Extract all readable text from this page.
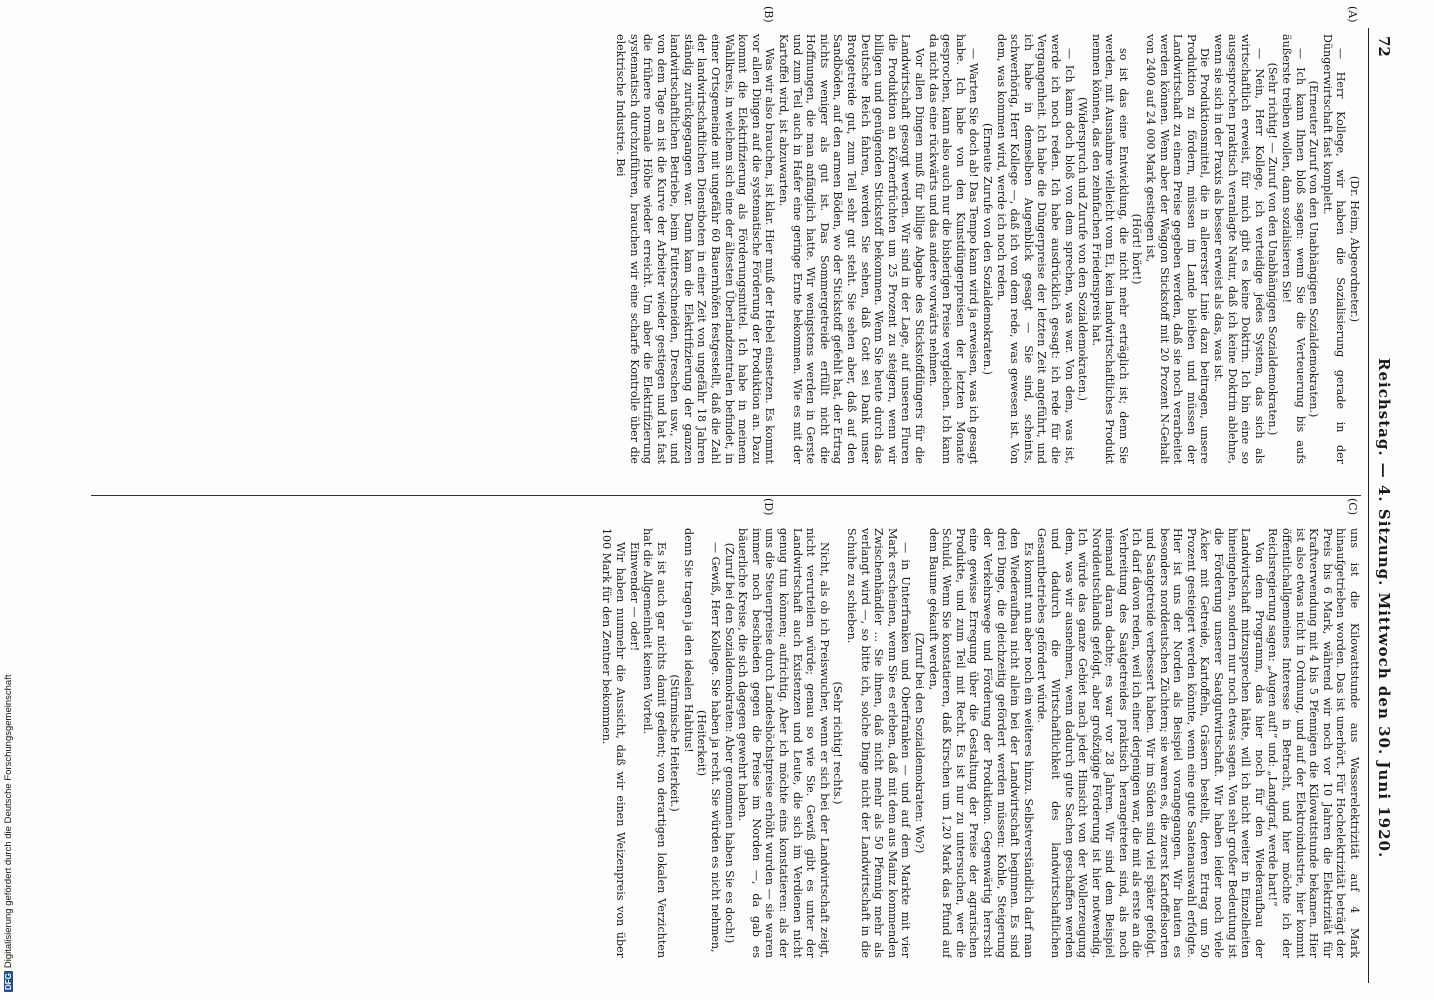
72
Reichstag. — 4. Sitzung. Mittwoch den 30. Juni 1920.
(A)
(B)
(C)
(D)

(Dr. Heim, Abgeordneter.)

— Herr Kollege, wir haben die Sozialisierung gerade in der Düngerwirtschaft fast komplett.

(Erneuter Zuruf von den Unabhängigen Sozialdemokraten.)

— Ich kann Ihnen bloß sagen: wenn Sie die Verteuerung bis aufs äußerste treiben wollen, dann sozialisieren Sie!

(Sehr richtig! — Zuruf von den Unabhängigen Sozialdemokraten.)

— Nein, Herr Kollege, ich verteidige jedes System, das sich als wirtschaftlich erweist, für mich gibt es keine Doktrin. Ich bin eine so ausgesprochen praktisch veranlagte Natur, daß ich keine Doktrin ablehne, wenn sie sich in der Praxis als besser erweist als das, was ist.

Die Produktionsmittel, die in allererster Linie dazu beitragen, unsere Produktion zu fördern, müssen im Lande bleiben und müssen der Landwirtschaft zu einem Preise gegeben werden, daß sie noch verarbeitet werden können. Wenn aber der Waggon Stickstoff mit 20 Prozent N-Gehalt von 2400 auf 24 000 Mark gestiegen ist,

(Hört! hört!)

so ist das eine Entwicklung, die nicht mehr erträglich ist; denn Sie werden, mit Ausnahme vielleicht vom Ei, kein landwirtschaftliches Produkt nennen können, das den zehnfachen Friedenspreis hat.

(Widerspruch und Zurufe von den Sozialdemokraten.)

— Ich kann doch bloß von dem sprechen, was war. Von dem, was ist, werde ich noch reden. Ich habe ausdrücklich gesagt: ich rede für die Vergangenheit. Ich habe die Düngerpreise der letzten Zeit angeführt, und ich habe in demselben Augenblick gesagt — Sie sind, scheints, schwerhörig, Herr Kollege —, daß ich von dem rede, was gewesen ist. Von dem, was kommen wird, werde ich noch reden.

(Erneute Zurufe von den Sozialdemokraten.)

— Warten Sie doch ab! Das Tempo kann wird ja erweisen, was ich gesagt habe. Ich habe von den Kunstdüngerpreisen der letzten Monate gesprochen, kann also auch nur die bisherigen Preise vergleichen. Ich kann da nicht das eine rückwärts und das andere vorwärts nehmen.

Vor allen Dingen muß für billige Abgabe des Stickstoffdüngers für die Landwirtschaft gesorgt werden. Wir sind in der Lage, auf unseren Fluren die Produktion an Körnerfrüchten um 25 Prozent zu steigern, wenn wir billigen und genügenden Stickstoff bekommen. Wenn Sie heute durch das Deutsche Reich fahren, werden Sie sehen, daß Gott sei Dank unser Brotgetreide gut, zum Teil sehr gut steht. Sie sehen aber, daß auf den Sandböden, auf den armen Böden, wo der Stickstoff gefehlt hat, der Ertrag nichts weniger als gut ist. Das Sommergetreide erfüllt nicht die Hoffnungen, die man anfänglich hatte. Wir wenigstens werden in Gerste und zum Teil auch in Hafer eine geringe Ernte bekommen. Wie es mit der Kartoffel wird, ist abzuwarten.

Was wir also brauchen, ist klar. Hier muß der Hebel einsetzen. Es kommt vor allen Dingen auf die systematische Förderung der Produktion an. Dazu kommt die Elektrifizierung als Förderungsmittel. Ich habe in meinem Wahlkreis, in welchem sich eine der ältesten Überlandzentralen befindet, in einer Ortsgemeinde mit ungefähr 60 Bauernhöfen festgestellt, daß die Zahl der landwirtschaftlichen Dienstboten in einer Zeit von ungefähr 18 Jahren ständig zurückgegangen war. Dann kam die Elektrifizierung der ganzen landwirtschaftlichen Betriebe, beim Futterschneiden, Dreschen usw., und von dem Tage an ist die Kurve der Arbeiter wieder gestiegen und hat fast die frühere normale Höhe wieder erreicht. Um aber die Elektrifizierung systematisch durchzuführen, brauchen wir eine scharfe Kontrolle über die elektrische Industrie. Bei

uns ist die Kilowattstunde aus Wasserelektrizität auf 4 Mark hinaufgetrieben worden. Das ist unerhört. Für Hochelektrizität beträgt der Preis bis 6 Mark, während wir noch vor 10 Jahren die Elektrizität für Kraftverwendung mit 4 bis 5 Pfennigen die Kilowattstunde bekamen. Hier ist also etwas nicht in Ordnung, und auf der Elektroindustrie, hier kommt öffentlichallgemeines Interesse in Betracht, und hier möchte ich der Reichsregierung sagen: „Augen auf!“ und: „Landgraf, werde hart!“

Von dem Programm, das hier noch für den Wiederaufbau der Landwirtschaft mitzusprechen hätte, will ich nicht weiter in Einzelheiten hineingehen, sondern nur noch etwas sagen. Von sehr großer Bedeutung ist die Förderung unserer Saatgutwirtschaft. Wir haben leider noch viele Äcker mit Getreide, Kartoffeln, Gräsern bestellt, deren Ertrag um 50 Prozent gesteigert werden könnte, wenn eine gute Saatenauswahl erfolgte. Hier ist uns der Norden als Beispiel vorangegangen. Wir bauten es besonders norddeutschen Züchtern; sie waren es, die zuerst Kartoffelsorten und Saatgetreide verbessert haben. Wir im Süden sind viel später gefolgt. Ich darf davon reden, weil ich einer derjenigen war, die mit als erste an die Verbreitung des Saatgetreides praktisch herangetreten sind, als noch niemand daran dachte; es war vor 28 Jahren. Wir sind dem Beispiel Norddeutschlands gefolgt, aber großzügige Förderung ist hier notwendig. Ich würde das ganze Gebiet nach jeder Hinsicht von der Wollerzeugung dem, was wir ausnehmen, wenn dadurch gute Sachen geschaffen werden und dadurch die Wirtschaftlichkeit des landwirtschaftlichen Gesamtbetriebes gefördert würde.

Es kommt nun aber noch ein weiteres hinzu. Selbstverständlich darf man den Wiederaufbau nicht allein bei der Landwirtschaft beginnen. Es sind drei Dinge, die gleichzeitig gefördert werden müssen: Kohle, Steigerung der Verkehrswege und Förderung der Produktion. Gegenwärtig herrscht eine gewisse Erregung über die Gestaltung der Preise der agrarischen Produkte, und zum Teil mit Recht. Es ist nur zu untersuchen, wer die Schuld. Wenn Sie konstatieren, daß Kirschen um 1,20 Mark das Pfund auf dem Baume gekauft werden,

(Zuruf bei den Sozialdemokraten: Wo?)

— in Unterfranken und Oberfranken — und auf dem Markte mit vier Mark erscheinen, wenn Sie es erleben, daß mit dem aus Mainz kommenden Zwischenhändler ... Sie ihnen, daß nicht mehr als 50 Pfennig mehr als verlangt wird —, so bitte ich, solche Dinge nicht der Landwirtschaft in die Schuhe zu schieben.

(Sehr richtig! rechts.)

Nicht, als ob ich Preiswucher, wenn er sich bei der Landwirtschaft zeigt, nicht verurteilen würde; genau so wie Sie. Gewiß gibt es unter der Landwirtschaft auch Existenzen und Leute, die sich im Verdienen nicht genug tun können; aufrichtig. Aber ich möchte eins konstatieren: als der uns die Steuerpreise durch Landeshöchstpreise erhöht wurden — sie waren immer noch beschieden gegen die Preise im Norden —, da gab es bäuerliche Kreise, die sich dagegen gewehrt haben.

(Zuruf bei den Sozialdemokraten: Aber genommen haben Sie es doch!)

— Gewiß, Herr Kollege. Sie haben ja recht. Sie würden es nicht nehmen,

(Heiterkeit)

denn Sie tragen ja den idealen Habitus!

(Stürmische Heiterkeit.)

Es ist auch gar nichts damit gedient; von derartigen lokalen Verzichten hat die Allgemeinheit keinen Vorteil.

Einwender — oder!

Wir haben nunmehr die Aussicht, daß wir einen Weizenpreis von über 100 Mark für den Zentner bekommen.

DFGDigitalisierung gefördert durch die Deutsche Forschungsgemeinschaft
